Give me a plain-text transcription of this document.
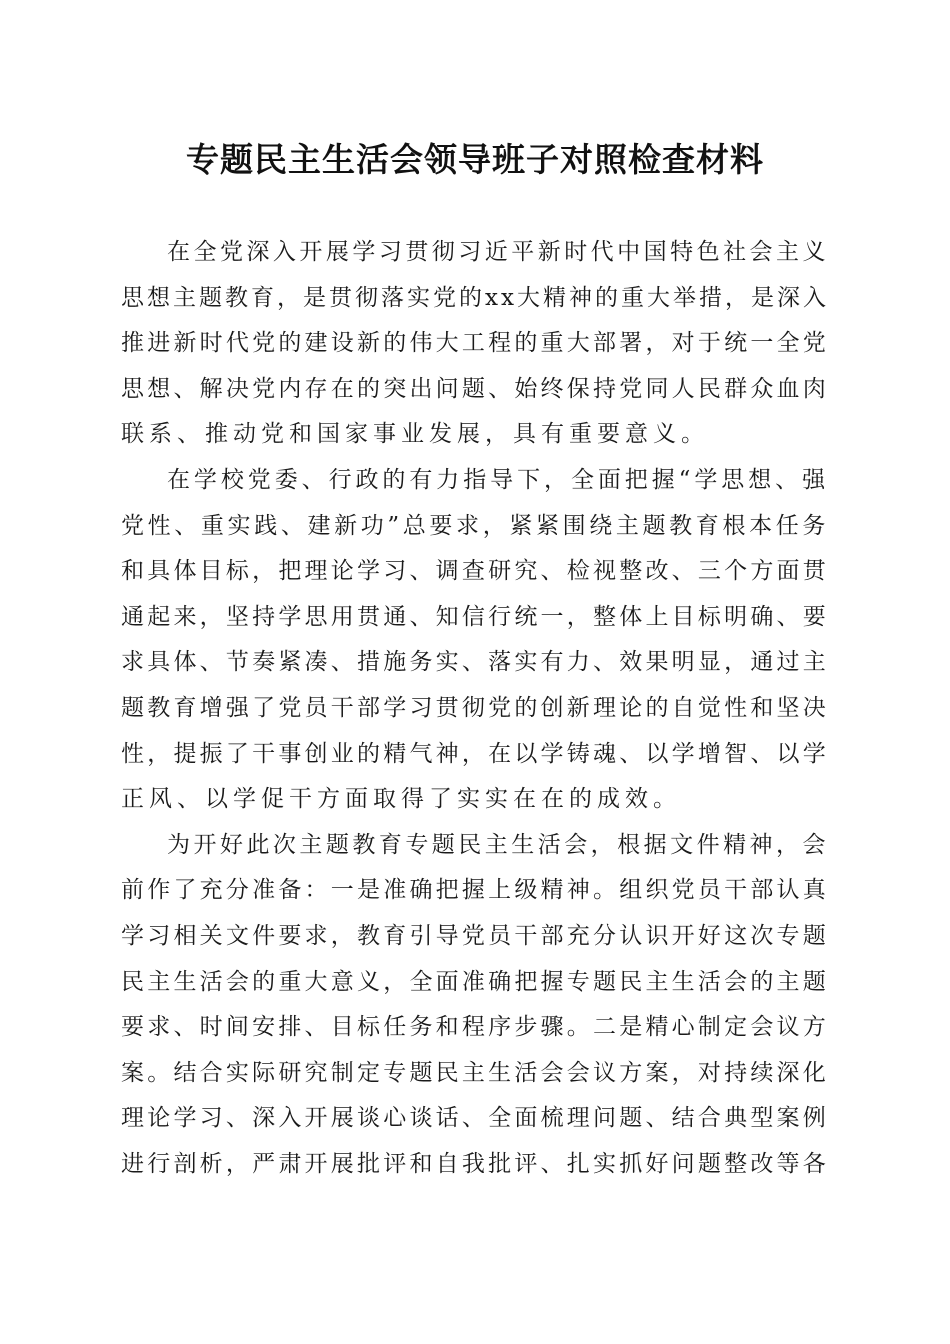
专题民主生活会领导班子对照检查材料

在全党深入开展学习贯彻习近平新时代中国特色社会主义
思想主题教育，是贯彻落实党的xx大精神的重大举措，是深入
推进新时代党的建设新的伟大工程的重大部署，对于统一全党
思想、解决党内存在的突出问题、始终保持党同人民群众血肉
联系、推动党和国家事业发展，具有重要意义。

在学校党委、行政的有力指导下，全面把握“学思想、强
党性、重实践、建新功”总要求，紧紧围绕主题教育根本任务
和具体目标，把理论学习、调查研究、检视整改、三个方面贯
通起来，坚持学思用贯通、知信行统一，整体上目标明确、要
求具体、节奏紧凑、措施务实、落实有力、效果明显，通过主
题教育增强了党员干部学习贯彻党的创新理论的自觉性和坚决
性，提振了干事创业的精气神，在以学铸魂、以学增智、以学
正风、以学促干方面取得了实实在在的成效。

为开好此次主题教育专题民主生活会，根据文件精神，会
前作了充分准备：一是准确把握上级精神。组织党员干部认真
学习相关文件要求，教育引导党员干部充分认识开好这次专题
民主生活会的重大意义，全面准确把握专题民主生活会的主题
要求、时间安排、目标任务和程序步骤。二是精心制定会议方
案。结合实际研究制定专题民主生活会会议方案，对持续深化
理论学习、深入开展谈心谈话、全面梳理问题、结合典型案例
进行剖析，严肃开展批评和自我批评、扎实抓好问题整改等各
